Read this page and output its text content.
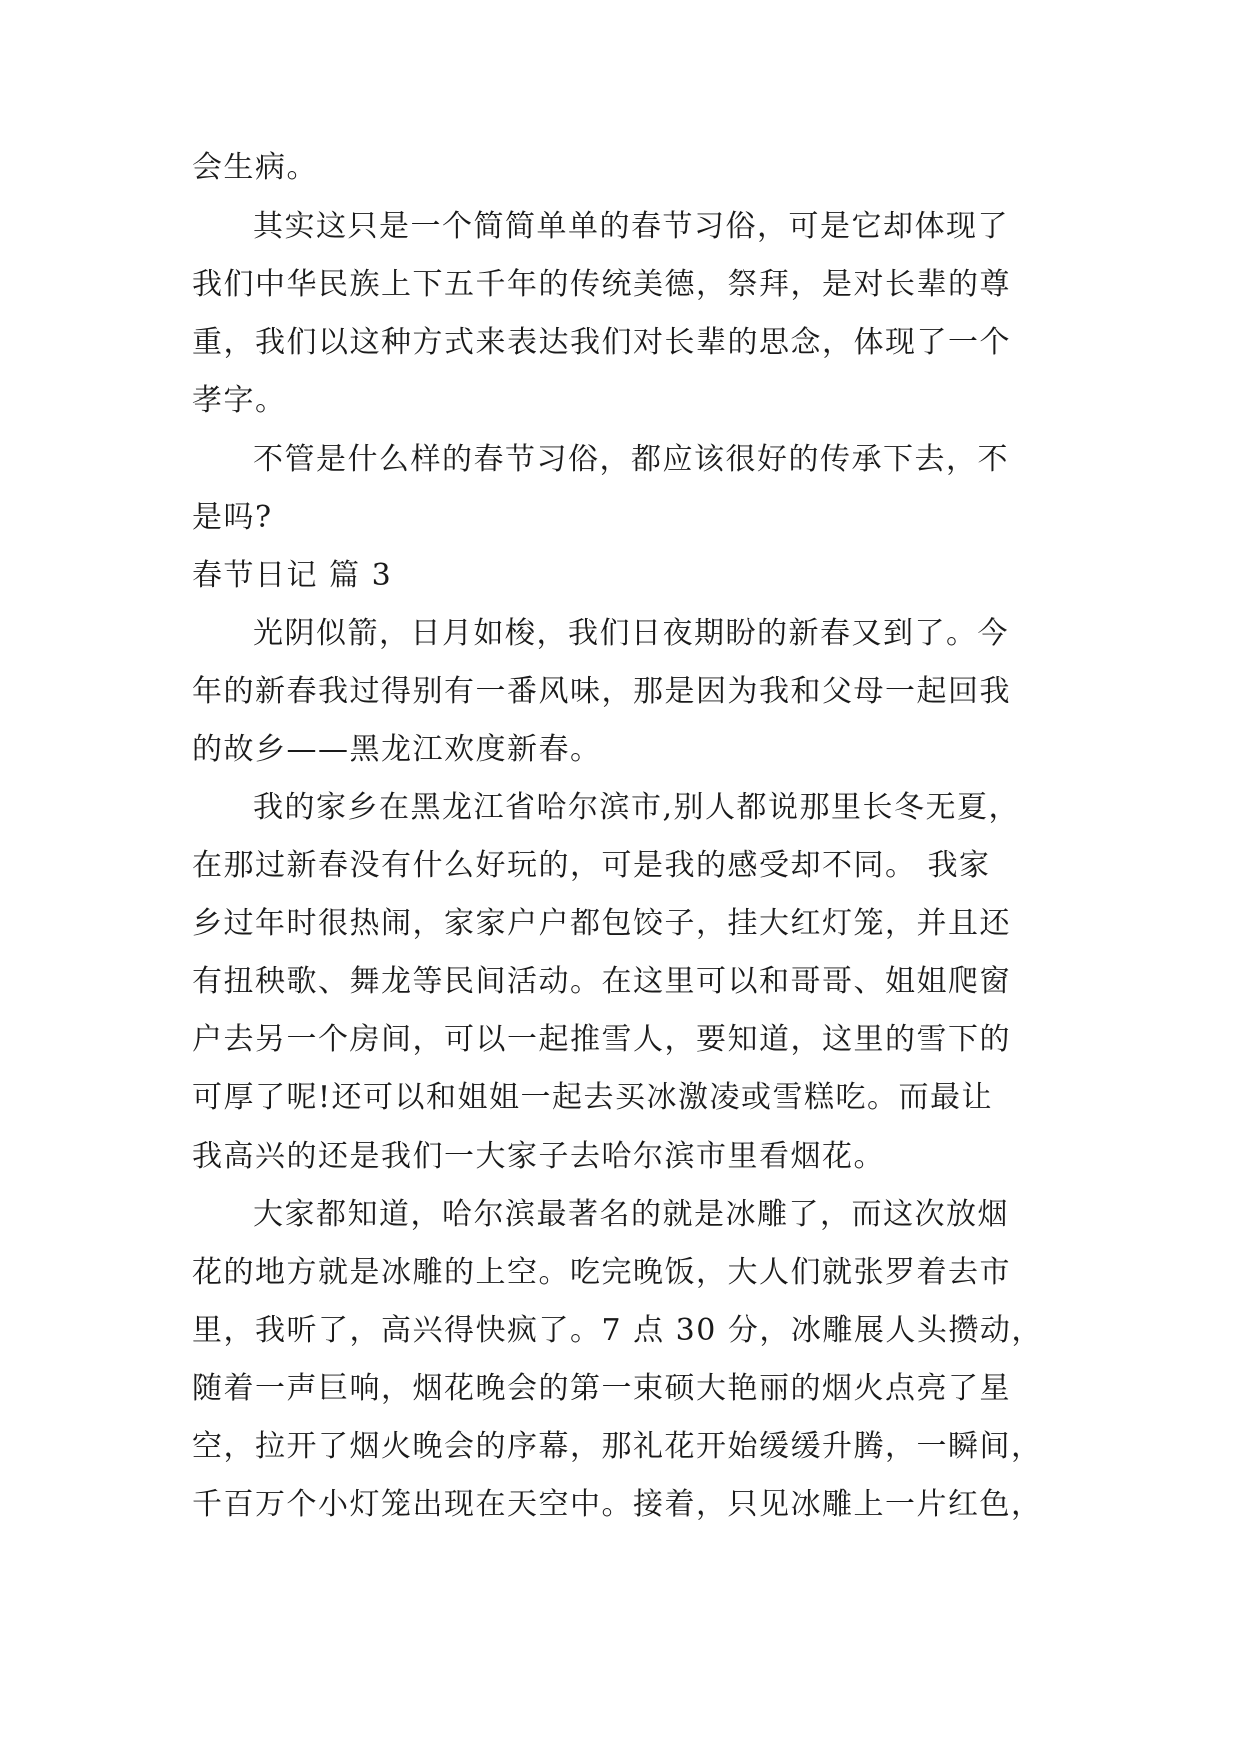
会生病。
其实这只是一个简简单单的春节习俗，可是它却体现了
我们中华民族上下五千年的传统美德，祭拜，是对长辈的尊
重，我们以这种方式来表达我们对长辈的思念，体现了一个
孝字。
不管是什么样的春节习俗，都应该很好的传承下去，不
是吗?
春节日记 篇 3
光阴似箭，日月如梭，我们日夜期盼的新春又到了。今
年的新春我过得别有一番风味，那是因为我和父母一起回我
的故乡——黑龙江欢度新春。
我的家乡在黑龙江省哈尔滨市,别人都说那里长冬无夏，
在那过新春没有什么好玩的，可是我的感受却不同。 我家
乡过年时很热闹，家家户户都包饺子，挂大红灯笼，并且还
有扭秧歌、舞龙等民间活动。在这里可以和哥哥、姐姐爬窗
户去另一个房间，可以一起推雪人，要知道，这里的雪下的
可厚了呢!还可以和姐姐一起去买冰激凌或雪糕吃。而最让
我高兴的还是我们一大家子去哈尔滨市里看烟花。
大家都知道，哈尔滨最著名的就是冰雕了，而这次放烟
花的地方就是冰雕的上空。吃完晚饭，大人们就张罗着去市
里，我听了，高兴得快疯了。7 点 30 分，冰雕展人头攒动，
随着一声巨响，烟花晚会的第一束硕大艳丽的烟火点亮了星
空，拉开了烟火晚会的序幕，那礼花开始缓缓升腾，一瞬间，
千百万个小灯笼出现在天空中。接着，只见冰雕上一片红色，
